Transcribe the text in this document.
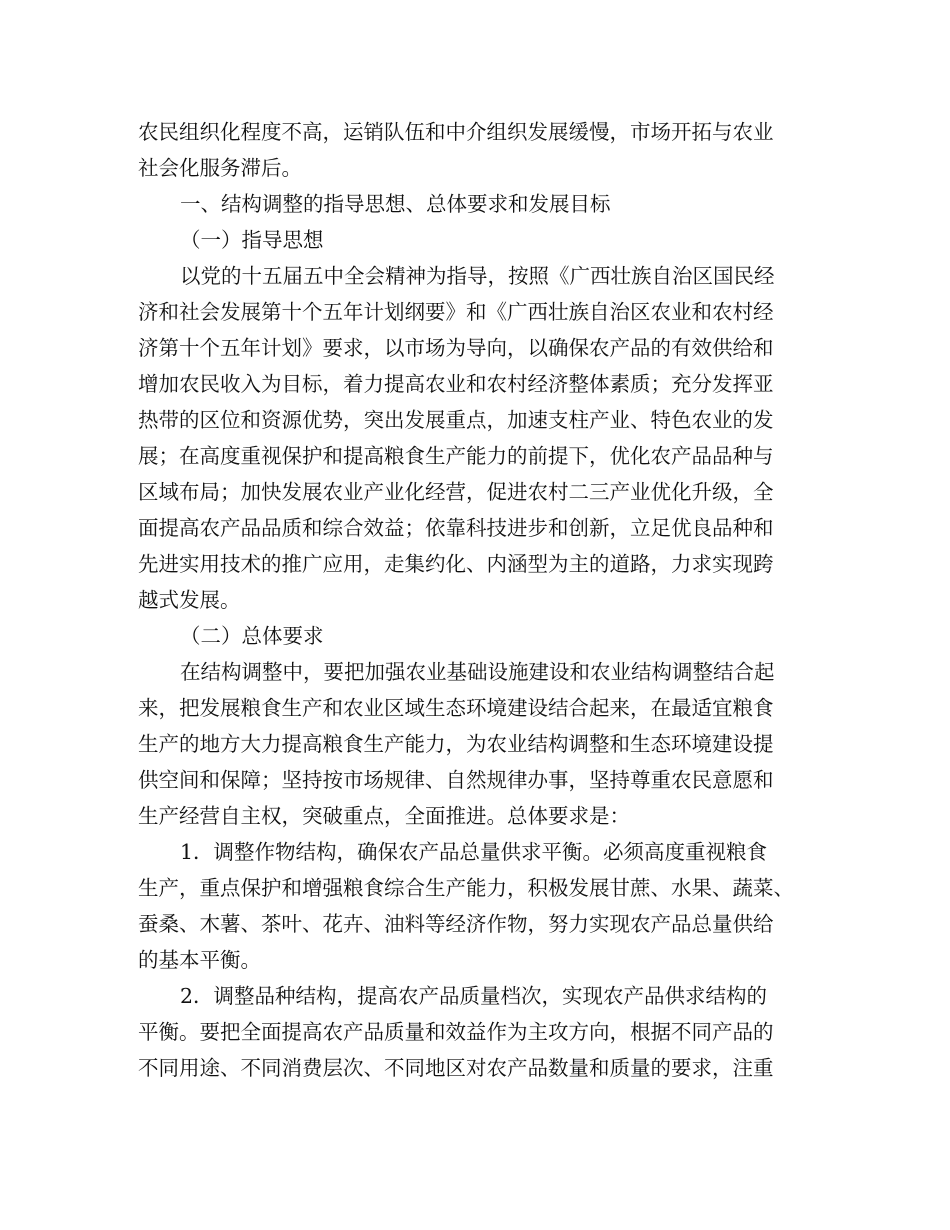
农民组织化程度不高，运销队伍和中介组织发展缓慢，市场开拓与农业
社会化服务滞后。
一、结构调整的指导思想、总体要求和发展目标
（一）指导思想
以党的十五届五中全会精神为指导，按照《广西壮族自治区国民经
济和社会发展第十个五年计划纲要》和《广西壮族自治区农业和农村经
济第十个五年计划》要求，以市场为导向，以确保农产品的有效供给和
增加农民收入为目标，着力提高农业和农村经济整体素质；充分发挥亚
热带的区位和资源优势，突出发展重点，加速支柱产业、特色农业的发
展；在高度重视保护和提高粮食生产能力的前提下，优化农产品品种与
区域布局；加快发展农业产业化经营，促进农村二三产业优化升级，全
面提高农产品品质和综合效益；依靠科技进步和创新，立足优良品种和
先进实用技术的推广应用，走集约化、内涵型为主的道路，力求实现跨
越式发展。
（二）总体要求
在结构调整中，要把加强农业基础设施建设和农业结构调整结合起
来，把发展粮食生产和农业区域生态环境建设结合起来，在最适宜粮食
生产的地方大力提高粮食生产能力，为农业结构调整和生态环境建设提
供空间和保障；坚持按市场规律、自然规律办事，坚持尊重农民意愿和
生产经营自主权，突破重点，全面推进。总体要求是：
1．调整作物结构，确保农产品总量供求平衡。必须高度重视粮食
生产，重点保护和增强粮食综合生产能力，积极发展甘蔗、水果、蔬菜、
蚕桑、木薯、茶叶、花卉、油料等经济作物，努力实现农产品总量供给
的基本平衡。
2．调整品种结构，提高农产品质量档次，实现农产品供求结构的
平衡。要把全面提高农产品质量和效益作为主攻方向，根据不同产品的
不同用途、不同消费层次、不同地区对农产品数量和质量的要求，注重
